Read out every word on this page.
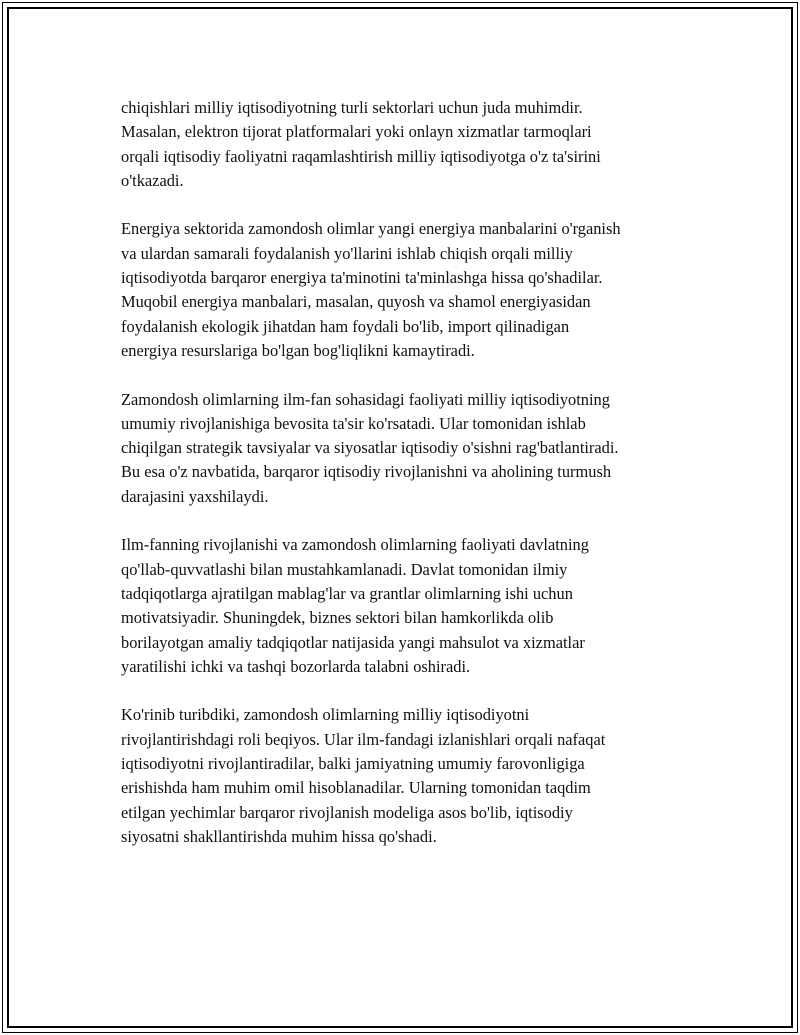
chiqishlari milliy iqtisodiyotning turli sektorlari uchun juda muhimdir.
Masalan, elektron tijorat platformalari yoki onlayn xizmatlar tarmoqlari
orqali iqtisodiy faoliyatni raqamlashtirish milliy iqtisodiyotga o'z ta'sirini
o'tkazadi.

Energiya sektorida zamondosh olimlar yangi energiya manbalarini o'rganish
va ulardan samarali foydalanish yo'llarini ishlab chiqish orqali milliy
iqtisodiyotda barqaror energiya ta'minotini ta'minlashga hissa qo'shadilar.
Muqobil energiya manbalari, masalan, quyosh va shamol energiyasidan
foydalanish ekologik jihatdan ham foydali bo'lib, import qilinadigan
energiya resurslariga bo'lgan bog'liqlikni kamaytiradi.

Zamondosh olimlarning ilm-fan sohasidagi faoliyati milliy iqtisodiyotning
umumiy rivojlanishiga bevosita ta'sir ko'rsatadi. Ular tomonidan ishlab
chiqilgan strategik tavsiyalar va siyosatlar iqtisodiy o'sishni rag'batlantiradi.
Bu esa o'z navbatida, barqaror iqtisodiy rivojlanishni va aholining turmush
darajasini yaxshilaydi.

Ilm-fanning rivojlanishi va zamondosh olimlarning faoliyati davlatning
qo'llab-quvvatlashi bilan mustahkamlanadi. Davlat tomonidan ilmiy
tadqiqotlarga ajratilgan mablag'lar va grantlar olimlarning ishi uchun
motivatsiyadir. Shuningdek, biznes sektori bilan hamkorlikda olib
borilayotgan amaliy tadqiqotlar natijasida yangi mahsulot va xizmatlar
yaratilishi ichki va tashqi bozorlarda talabni oshiradi.

Ko'rinib turibdiki, zamondosh olimlarning milliy iqtisodiyotni
rivojlantirishdagi roli beqiyos. Ular ilm-fandagi izlanishlari orqali nafaqat
iqtisodiyotni rivojlantiradilar, balki jamiyatning umumiy farovonligiga
erishishda ham muhim omil hisoblanadilar. Ularning tomonidan taqdim
etilgan yechimlar barqaror rivojlanish modeliga asos bo'lib, iqtisodiy
siyosatni shakllantirishda muhim hissa qo'shadi.
